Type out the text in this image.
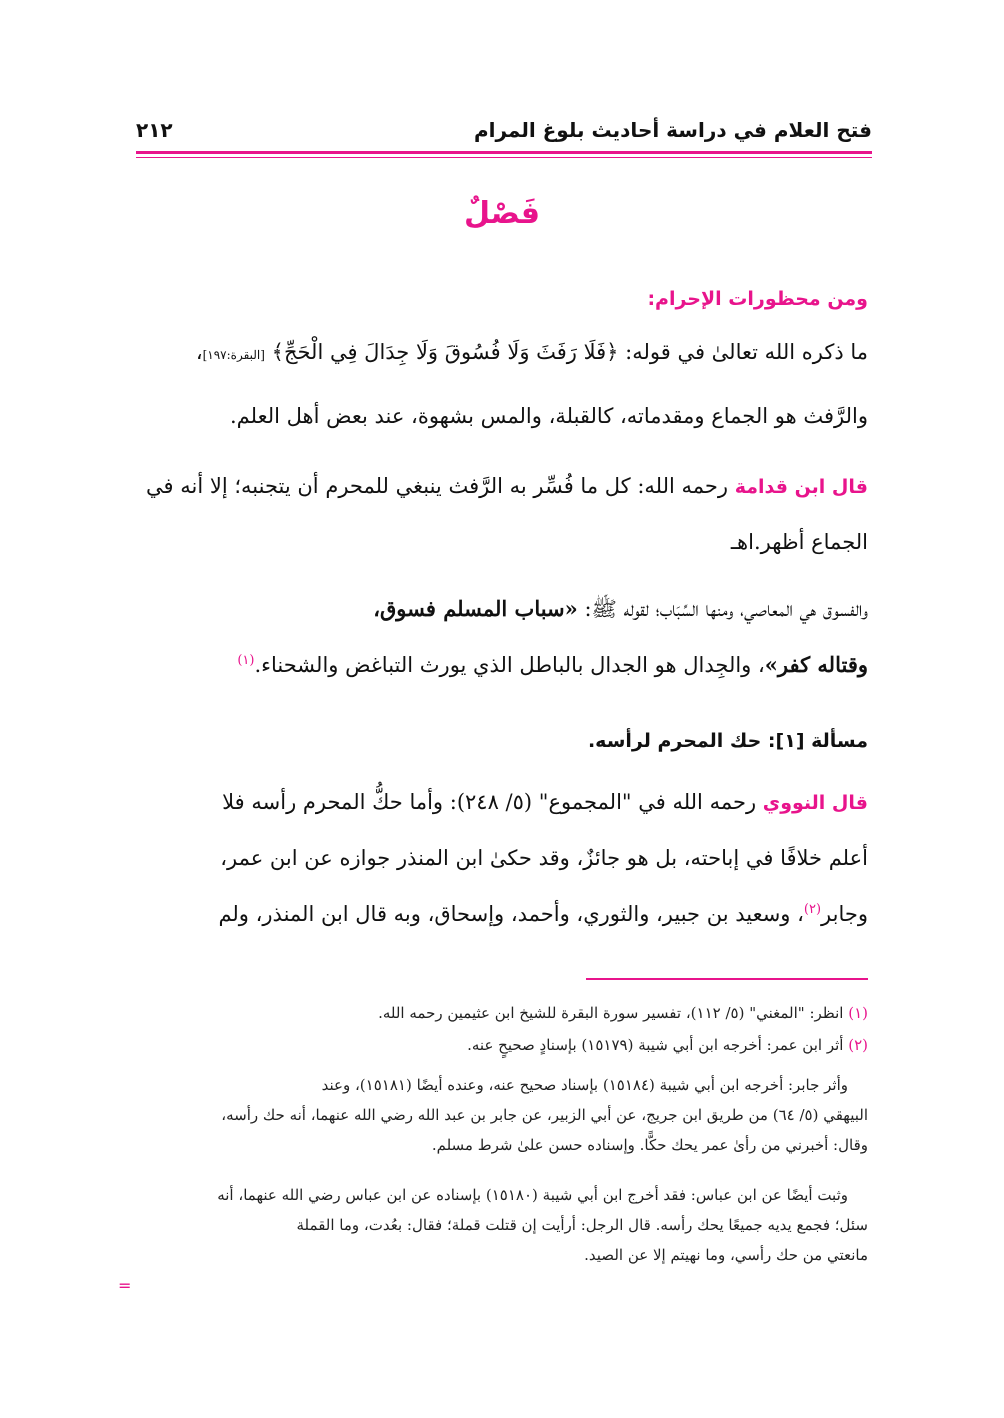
فتح العلام في دراسة أحاديث بلوغ المرام
٢١٢
فَصْلٌ
ومن محظورات الإحرام:
ما ذكره الله تعالىٰ في قوله: ﴿فَلَا رَفَثَ وَلَا فُسُوقَ وَلَا جِدَالَ فِي الْحَجِّ﴾ [البقرة:١٩٧]،
والرَّفث هو الجماع ومقدماته، كالقبلة، والمس بشهوة، عند بعض أهل العلم.
قال ابن قدامة رحمه الله: كل ما فُسِّر به الرَّفث ينبغي للمحرم أن يتجنبه؛ إلا أنه في
الجماع أظهر.اهـ
والفسوق هي المعاصي، ومنها السِّبَاب؛ لقوله ﷺ: «سباب المسلم فسوق،
وقتاله كفر»، والجِدال هو الجدال بالباطل الذي يورث التباغض والشحناء.$^{(١)}$
مسألة [١]: حك المحرم لرأسه.
قال النووي رحمه الله في "المجموع" (٥/ ٢٤٨): وأما حكُّ المحرم رأسه فلا
أعلم خلافًا في إباحته، بل هو جائزٌ، وقد حكىٰ ابن المنذر جوازه عن ابن عمر،
وجابر$^{(٢)}$، وسعيد بن جبير، والثوري، وأحمد، وإسحاق، وبه قال ابن المنذر، ولم
(١) انظر: "المغني" (٥/ ١١٢)، تفسير سورة البقرة للشيخ ابن عثيمين رحمه الله.
(٢) أثر ابن عمر: أخرجه ابن أبي شيبة (١٥١٧٩) بإسنادٍ صحيحٍ عنه.
وأثر جابر: أخرجه ابن أبي شيبة (١٥١٨٤) بإسناد صحيح عنه، وعنده أيضًا (١٥١٨١)، وعند
البيهقي (٥/ ٦٤) من طريق ابن جريج، عن أبي الزبير، عن جابر بن عبد الله رضي الله عنهما، أنه حك رأسه،
وقال: أخبرني من رأىٰ عمر يحك حكًّا. وإسناده حسن علىٰ شرط مسلم.
وثبت أيضًا عن ابن عباس: فقد أخرج ابن أبي شيبة (١٥١٨٠) بإسناده عن ابن عباس رضي الله عنهما، أنه
سئل؛ فجمع يديه جميعًا يحك رأسه. قال الرجل: أرأيت إن قتلت قملة؛ فقال: بعُدت، وما القملة
مانعتي من حك رأسي، وما نهيتم إلا عن الصيد.
=
